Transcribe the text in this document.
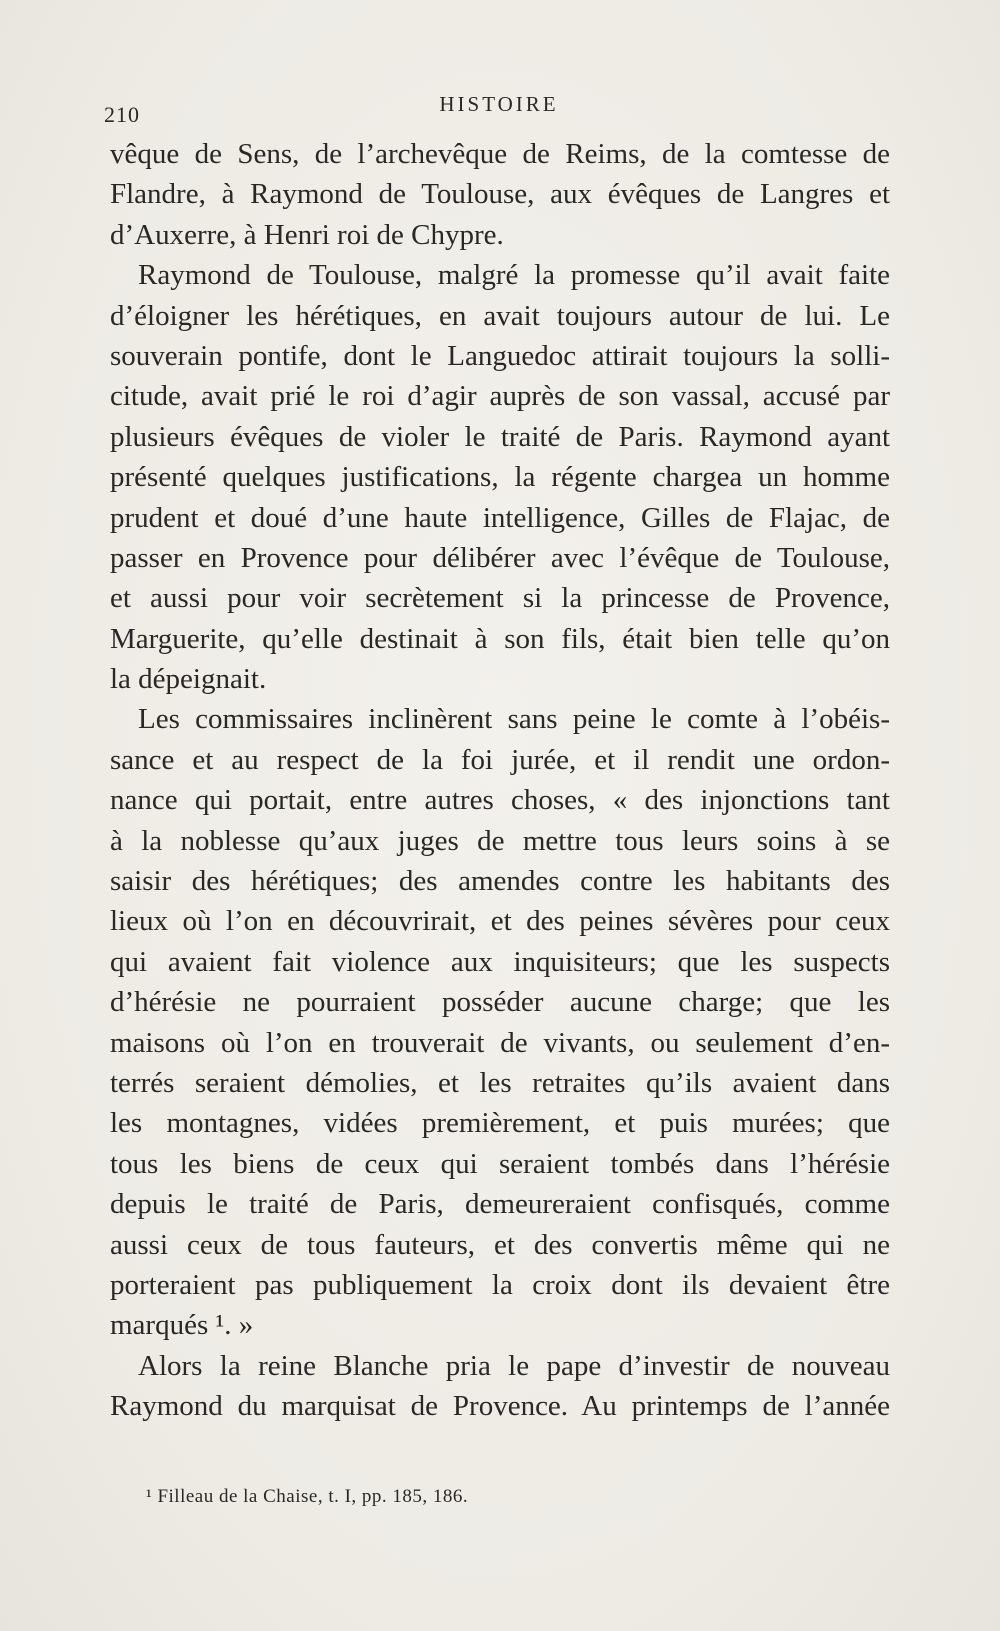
210	HISTOIRE
vêque de Sens, de l’archevêque de Reims, de la comtesse de
Flandre, à Raymond de Toulouse, aux évêques de Langres et
d’Auxerre, à Henri roi de Chypre.
Raymond de Toulouse, malgré la promesse qu’il avait faite
d’éloigner les hérétiques, en avait toujours autour de lui. Le
souverain pontife, dont le Languedoc attirait toujours la solli-
citude, avait prié le roi d’agir auprès de son vassal, accusé par
plusieurs évêques de violer le traité de Paris. Raymond ayant
présenté quelques justifications, la régente chargea un homme
prudent et doué d’une haute intelligence, Gilles de Flajac, de
passer en Provence pour délibérer avec l’évêque de Toulouse,
et aussi pour voir secrètement si la princesse de Provence,
Marguerite, qu’elle destinait à son fils, était bien telle qu’on
la dépeignait.
Les commissaires inclinèrent sans peine le comte à l’obéis-
sance et au respect de la foi jurée, et il rendit une ordon-
nance qui portait, entre autres choses, « des injonctions tant
à la noblesse qu’aux juges de mettre tous leurs soins à se
saisir des hérétiques; des amendes contre les habitants des
lieux où l’on en découvrirait, et des peines sévères pour ceux
qui avaient fait violence aux inquisiteurs; que les suspects
d’hérésie ne pourraient posséder aucune charge; que les
maisons où l’on en trouverait de vivants, ou seulement d’en-
terrés seraient démolies, et les retraites qu’ils avaient dans
les montagnes, vidées premièrement, et puis murées; que
tous les biens de ceux qui seraient tombés dans l’hérésie
depuis le traité de Paris, demeureraient confisqués, comme
aussi ceux de tous fauteurs, et des convertis même qui ne
porteraient pas publiquement la croix dont ils devaient être
marqués ¹. »
Alors la reine Blanche pria le pape d’investir de nouveau
Raymond du marquisat de Provence. Au printemps de l’année
¹ Filleau de la Chaise, t. I, pp. 185, 186.
